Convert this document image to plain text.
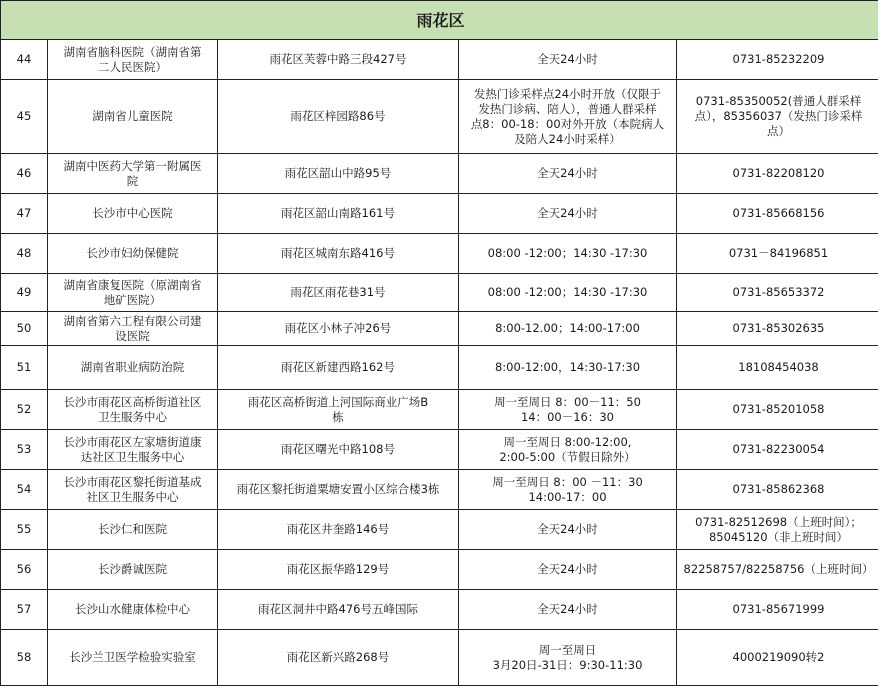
雨花区				
44	湖南省脑科医院（湖南省第
二人民医院）	雨花区芙蓉中路三段427号	全天24小时	0731-85232209
45	湖南省儿童医院	雨花区梓园路86号	发热门诊采样点24小时开放（仅限于
发热门诊病、陪人），普通人群采样
点8：00-18：00对外开放（本院病人
及陪人24小时采样）	0731-85350052(普通人群采样
点），85356037（发热门诊采样
点）
46	湖南中医药大学第一附属医
院	雨花区韶山中路95号	全天24小时	0731-82208120
47	长沙市中心医院	雨花区韶山南路161号	全天24小时	0731-85668156
48	长沙市妇幼保健院	雨花区城南东路416号	08:00 -12:00；14:30 -17:30	0731－84196851
49	湖南省康复医院（原湖南省
地矿医院）	雨花区雨花巷31号	08:00 -12:00；14:30 -17:30	0731-85653372
50	湖南省第六工程有限公司建
设医院	雨花区小林子冲26号	8:00-12.00；14:00-17:00	0731-85302635
51	湖南省职业病防治院	雨花区新建西路162号	8:00-12:00，14:30-17:30	18108454038
52	长沙市雨花区高桥街道社区
卫生服务中心	雨花区高桥街道上河国际商业广场B
栋	周一至周日 8：00－11：50
14：00－16：30	0731-85201058
53	长沙市雨花区左家塘街道康
达社区卫生服务中心	雨花区曙光中路108号	周一至周日 8:00-12:00,
2:00-5:00（节假日除外）	0731-82230054
54	长沙市雨花区黎托街道基成
社区卫生服务中心	雨花区黎托街道粟塘安置小区综合楼3栋	周一至周日 8：00 －11：30
14:00-17：00	0731-85862368
55	长沙仁和医院	雨花区井奎路146号	全天24小时	0731-82512698（上班时间）；
85045120（非上班时间）
56	长沙爵诚医院	雨花区振华路129号	全天24小时	82258757/82258756（上班时间）
57	长沙山水健康体检中心	雨花区洞井中路476号五峰国际	全天24小时	0731-85671999
58	长沙兰卫医学检验实验室	雨花区新兴路268号	周一至周日
3月20日-31日：9:30-11:30	4000219090转2
